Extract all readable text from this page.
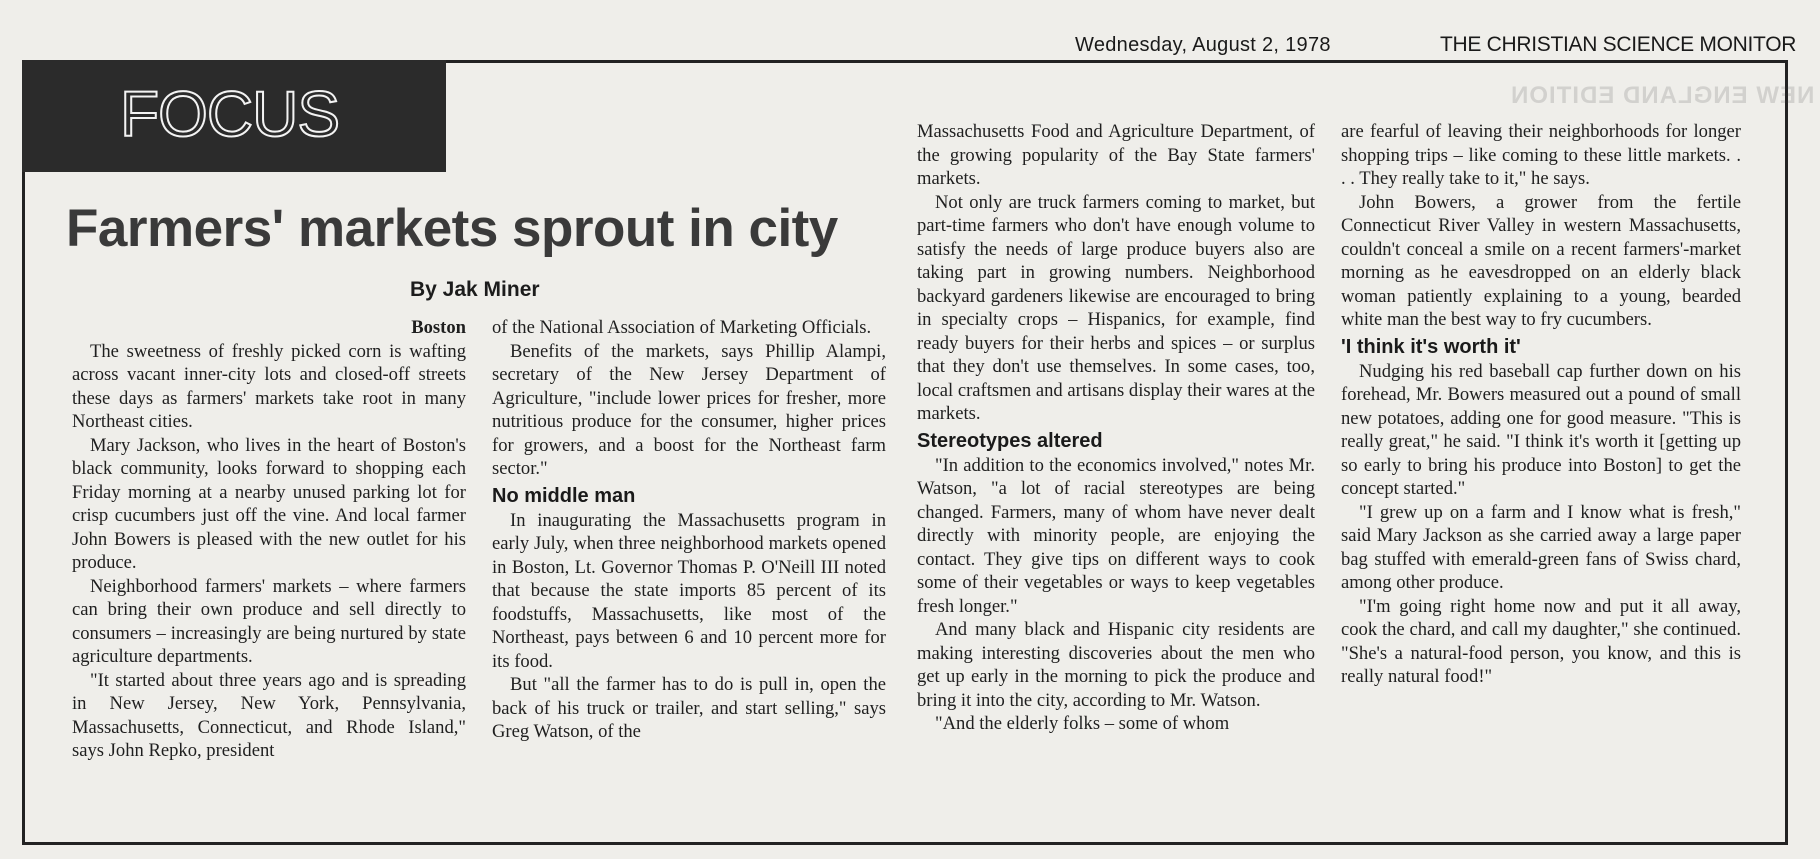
Wednesday, August 2, 1978	THE CHRISTIAN SCIENCE MONITOR
NEW ENGLAND EDITION
FOCUS
Farmers' markets sprout in city
By Jak Miner
Boston

The sweetness of freshly picked corn is wafting across vacant inner-city lots and closed-off streets these days as farmers' markets take root in many Northeast cities.

Mary Jackson, who lives in the heart of Boston's black community, looks forward to shopping each Friday morning at a nearby unused parking lot for crisp cucumbers just off the vine. And local farmer John Bowers is pleased with the new outlet for his produce.

Neighborhood farmers' markets – where farmers can bring their own produce and sell directly to consumers – increasingly are being nurtured by state agriculture departments.

"It started about three years ago and is spreading in New Jersey, New York, Pennsylvania, Massachusetts, Connecticut, and Rhode Island," says John Repko, president

of the National Association of Marketing Officials.

Benefits of the markets, says Phillip Alampi, secretary of the New Jersey Department of Agriculture, "include lower prices for fresher, more nutritious produce for the consumer, higher prices for growers, and a boost for the Northeast farm sector."

No middle man

In inaugurating the Massachusetts program in early July, when three neighborhood markets opened in Boston, Lt. Governor Thomas P. O'Neill III noted that because the state imports 85 percent of its foodstuffs, Massachusetts, like most of the Northeast, pays between 6 and 10 percent more for its food.

But "all the farmer has to do is pull in, open the back of his truck or trailer, and start selling," says Greg Watson, of the

Massachusetts Food and Agriculture Department, of the growing popularity of the Bay State farmers' markets.

Not only are truck farmers coming to market, but part-time farmers who don't have enough volume to satisfy the needs of large produce buyers also are taking part in growing numbers. Neighborhood backyard gardeners likewise are encouraged to bring in specialty crops – Hispanics, for example, find ready buyers for their herbs and spices – or surplus that they don't use themselves. In some cases, too, local craftsmen and artisans display their wares at the markets.

Stereotypes altered

"In addition to the economics involved," notes Mr. Watson, "a lot of racial stereotypes are being changed. Farmers, many of whom have never dealt directly with minority people, are enjoying the contact. They give tips on different ways to cook some of their vegetables or ways to keep vegetables fresh longer."

And many black and Hispanic city residents are making interesting discoveries about the men who get up early in the morning to pick the produce and bring it into the city, according to Mr. Watson.

"And the elderly folks – some of whom

are fearful of leaving their neighborhoods for longer shopping trips – like coming to these little markets. . . . They really take to it," he says.

John Bowers, a grower from the fertile Connecticut River Valley in western Massachusetts, couldn't conceal a smile on a recent farmers'-market morning as he eavesdropped on an elderly black woman patiently explaining to a young, bearded white man the best way to fry cucumbers.

'I think it's worth it'

Nudging his red baseball cap further down on his forehead, Mr. Bowers measured out a pound of small new potatoes, adding one for good measure. "This is really great," he said. "I think it's worth it [getting up so early to bring his produce into Boston] to get the concept started."

"I grew up on a farm and I know what is fresh," said Mary Jackson as she carried away a large paper bag stuffed with emerald-green fans of Swiss chard, among other produce.

"I'm going right home now and put it all away, cook the chard, and call my daughter," she continued. "She's a natural-food person, you know, and this is really natural food!"
